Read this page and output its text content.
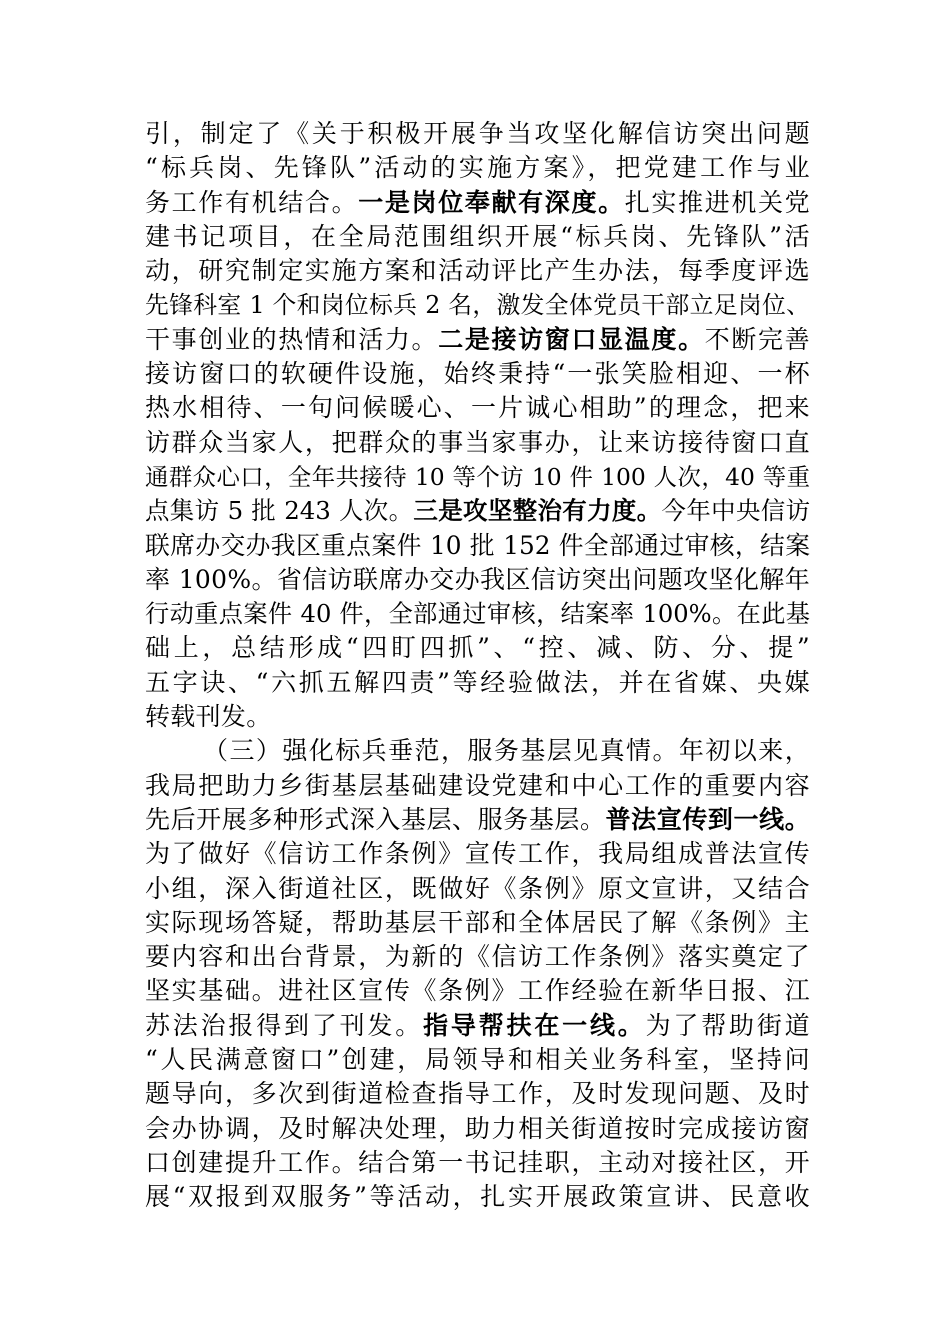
引，制定了《关于积极开展争当攻坚化解信访突出问题
“标兵岗、先锋队”活动的实施方案》，把党建工作与业
务工作有机结合。一是岗位奉献有深度。扎实推进机关党
建书记项目，在全局范围组织开展“标兵岗、先锋队”活
动，研究制定实施方案和活动评比产生办法，每季度评选
先锋科室 1 个和岗位标兵 2 名，激发全体党员干部立足岗位、
干事创业的热情和活力。二是接访窗口显温度。不断完善
接访窗口的软硬件设施，始终秉持“一张笑脸相迎、一杯
热水相待、一句问候暖心、一片诚心相助”的理念，把来
访群众当家人，把群众的事当家事办，让来访接待窗口直
通群众心口，全年共接待 10 等个访 10 件 100 人次，40 等重
点集访 5 批 243 人次。三是攻坚整治有力度。今年中央信访
联席办交办我区重点案件 10 批 152 件全部通过审核，结案
率 100%。省信访联席办交办我区信访突出问题攻坚化解年
行动重点案件 40 件，全部通过审核，结案率 100%。在此基
础上，总结形成“四盯四抓”、“控、减、防、分、提”
五字诀、“六抓五解四责”等经验做法，并在省媒、央媒
转载刊发。
（三）强化标兵垂范，服务基层见真情。年初以来，
我局把助力乡街基层基础建设党建和中心工作的重要内容
先后开展多种形式深入基层、服务基层。普法宣传到一线。
为了做好《信访工作条例》宣传工作，我局组成普法宣传
小组，深入街道社区，既做好《条例》原文宣讲，又结合
实际现场答疑，帮助基层干部和全体居民了解《条例》主
要内容和出台背景，为新的《信访工作条例》落实奠定了
坚实基础。进社区宣传《条例》工作经验在新华日报、江
苏法治报得到了刊发。指导帮扶在一线。为了帮助街道
“人民满意窗口”创建，局领导和相关业务科室，坚持问
题导向，多次到街道检查指导工作，及时发现问题、及时
会办协调，及时解决处理，助力相关街道按时完成接访窗
口创建提升工作。结合第一书记挂职，主动对接社区，开
展“双报到双服务”等活动，扎实开展政策宣讲、民意收
